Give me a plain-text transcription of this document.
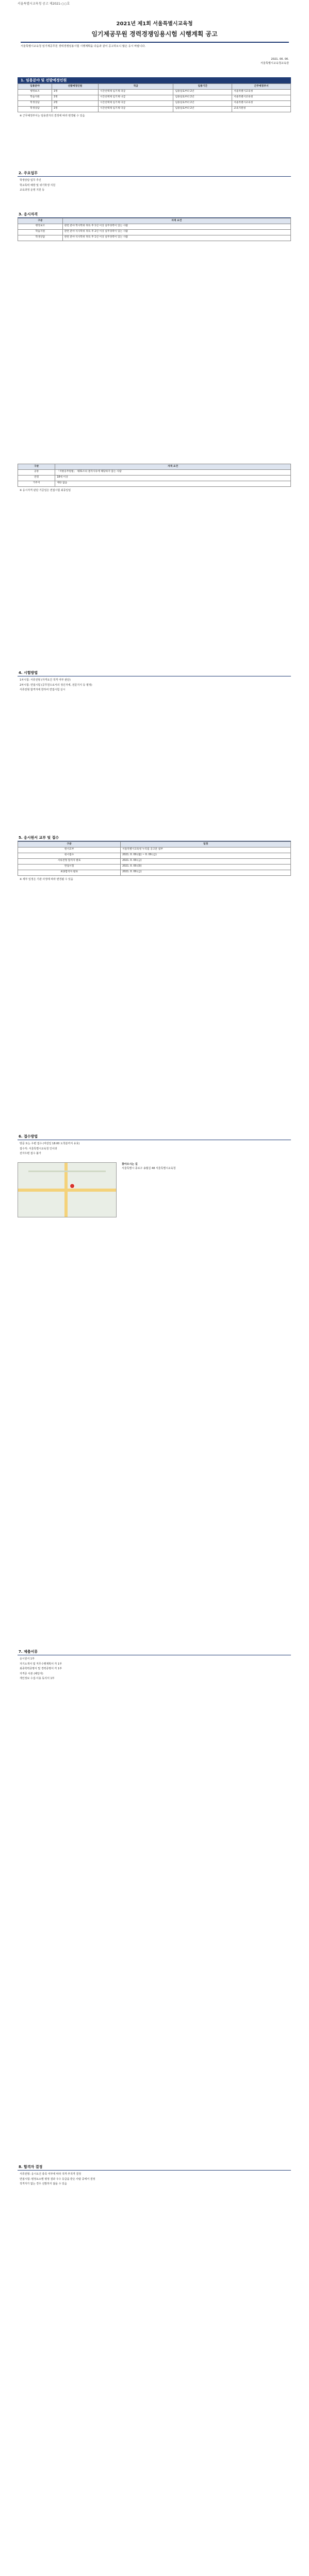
서울특별시교육청 공고 제2021-○○호
2021년 제1회 서울특별시교육청
임기제공무원 경력경쟁임용시험 시행계획 공고
서울특별시교육청 임기제공무원 경력경쟁임용시험 시행계획을 다음과 같이 공고하오니 많은 응시 바랍니다.
2021. 00. 00.
서울특별시교육청교육감
1. 임용분야 및 선발예정인원
임용분야	선발예정인원	직급	임용기간	근무예정부서
행정보조	1명	시간선택제 임기제 라급	임용일로부터 2년	서울특별시교육청
학습지원	1명	시간선택제 임기제 나급	임용일로부터 2년	서울특별시교육청
학생상담	2명	시간선택제 임기제 다급	임용일로부터 2년	서울특별시교육청
학생상담	1명	시간선택제 임기제 다급	임용일로부터 2년	교육지원청
※ 근무예정부서는 임용권자의 결정에 따라 변경될 수 있음
2. 주요업무
학생상담 업무 추진
학교폭력 예방 및 위기학생 지원
교육과정 운영 지원 등
3. 응시자격
구분	자격 요건
행정보조	관련 분야 학사학위 취득 후 1년 이상 실무경력이 있는 사람
학습지원	관련 분야 석사학위 취득 후 2년 이상 실무경력이 있는 사람
학생상담	관련 분야 석사학위 취득 후 1년 이상 실무경력이 있는 사람
구분	자격 요건
공통	「지방공무원법」 제31조의 결격사유에 해당하지 않는 사람
연령	18세 이상
거주지	제한 없음
※ 응시자격 판단 기준일은 면접시험 최종일임
4. 시험방법
1차시험: 서류전형 (자격요건 적격 여부 판단)
2차시험: 면접시험 (공무원으로서의 정신자세, 전문지식 등 평정)
서류전형 합격자에 한하여 면접시험 실시
5. 응시원서 교부 및 접수
구분	일정
원서교부	서울특별시교육청 누리집 공고문 첨부
원서접수	2021. 0. 00.(월) ~ 0. 00.(금)
서류전형 합격자 발표	2021. 0. 00.(금)
면접시험	2021. 0. 00.(화)
최종합격자 발표	2021. 0. 00.(금)
※ 세부 일정은 기관 사정에 따라 변경될 수 있음
6. 접수방법
방문 또는 우편 접수 (마감일 18:00 도착분까지 유효)
접수처: 서울특별시교육청 인사과
전자우편 접수 불가
찾아오시는 길
서울특별시 종로구 송월길 48 서울특별시교육청
7. 제출서류
응시원서 1부
자기소개서 및 직무수행계획서 각 1부
최종학력증명서 및 경력증명서 각 1부
자격증 사본 (해당자)
개인정보 수집·이용 동의서 1부
8. 합격자 결정
서류전형: 응시요건 충족 여부에 따라 적격·부적격 결정
면접시험: 평정요소별 평정 결과 우수 등급을 받은 사람 중에서 결정
적격자가 없는 경우 선발하지 않을 수 있음
